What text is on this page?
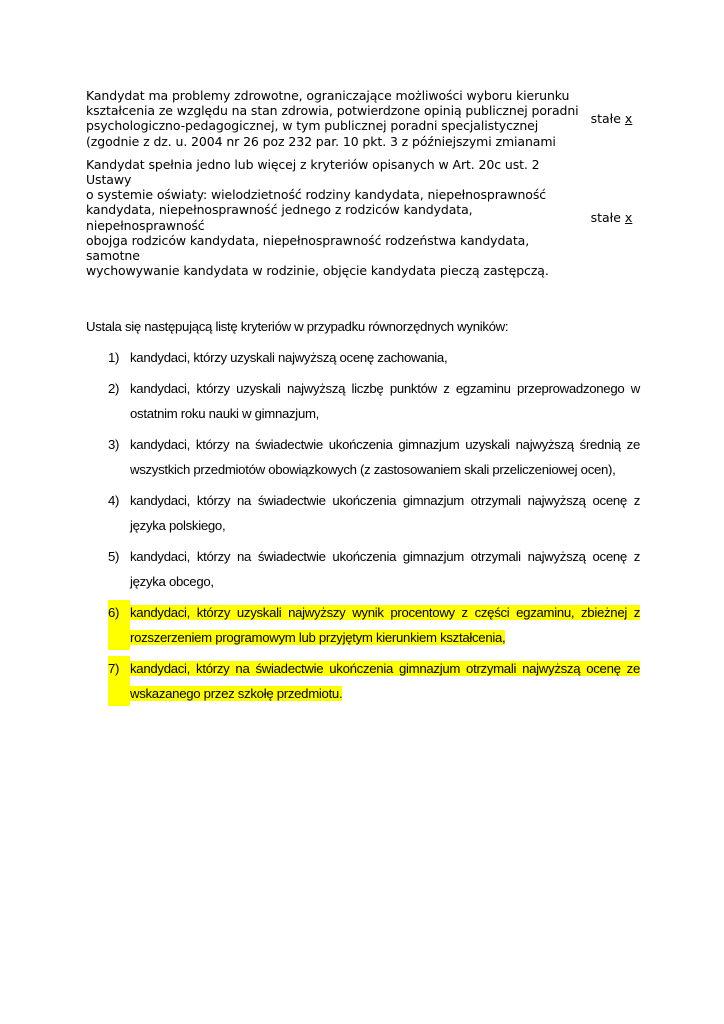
Kandydat ma problemy zdrowotne, ograniczające możliwości wyboru kierunku
kształcenia ze względu na stan zdrowia, potwierdzone opinią publicznej poradni
psychologiczno-pedagogicznej, w tym publicznej poradni specjalistycznej
(zgodnie z dz. u. 2004 nr 26 poz 232 par. 10 pkt. 3 z późniejszymi zmianami
stałe x
Kandydat spełnia jedno lub więcej z kryteriów opisanych w Art. 20c ust. 2 Ustawy
o systemie oświaty: wielodzietność rodziny kandydata, niepełnosprawność
kandydata, niepełnosprawność jednego z rodziców kandydata, niepełnosprawność
obojga rodziców kandydata, niepełnosprawność rodzeństwa kandydata, samotne
wychowywanie kandydata w rodzinie, objęcie kandydata pieczą zastępczą.
stałe x
Ustala się następującą listę kryteriów w przypadku równorzędnych wyników:
1) kandydaci, którzy uzyskali najwyższą ocenę zachowania,
2) kandydaci, którzy uzyskali najwyższą liczbę punktów z egzaminu przeprowadzonego w ostatnim roku nauki w gimnazjum,
3) kandydaci, którzy na świadectwie ukończenia gimnazjum uzyskali najwyższą średnią ze wszystkich przedmiotów obowiązkowych (z zastosowaniem skali przeliczeniowej ocen),
4) kandydaci, którzy na świadectwie ukończenia gimnazjum otrzymali najwyższą ocenę z języka polskiego,
5) kandydaci, którzy na świadectwie ukończenia gimnazjum otrzymali najwyższą ocenę z języka obcego,
6) kandydaci, którzy uzyskali najwyższy wynik procentowy z części egzaminu, zbieżnej z rozszerzeniem programowym lub przyjętym kierunkiem kształcenia,
7) kandydaci, którzy na świadectwie ukończenia gimnazjum otrzymali najwyższą ocenę ze wskazanego przez szkołę przedmiotu.
